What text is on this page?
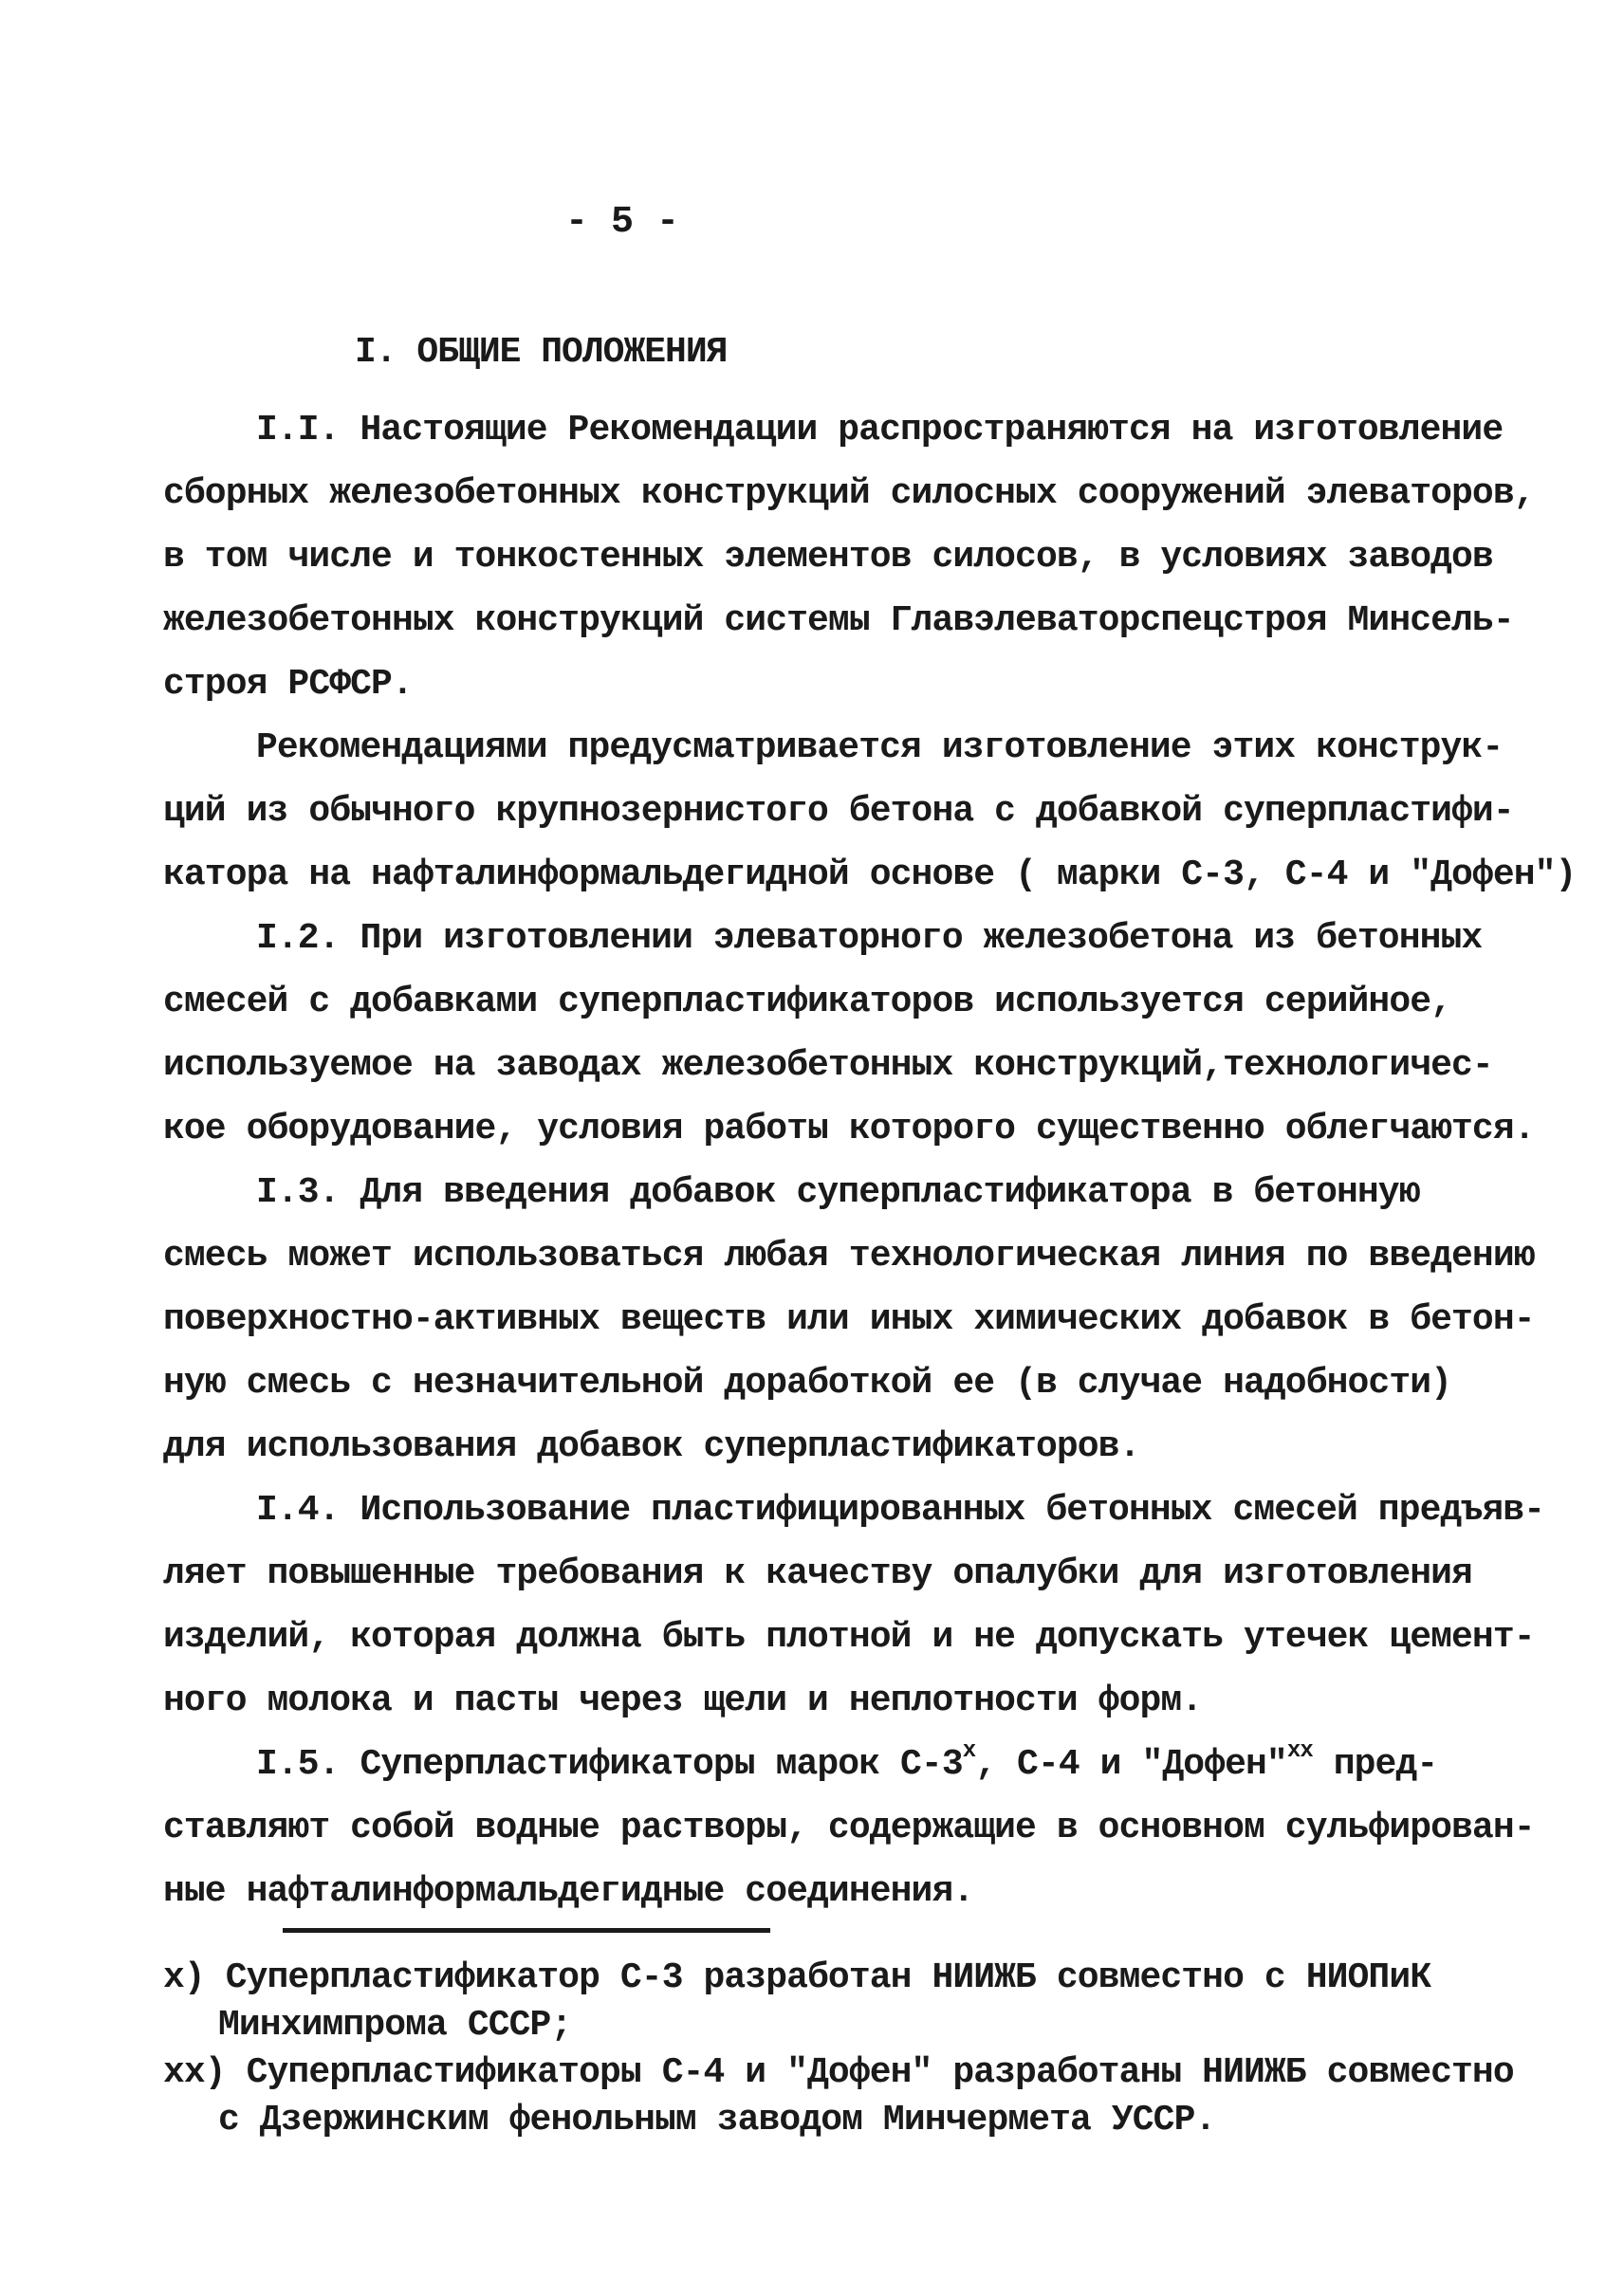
- 5 -
I. ОБЩИЕ ПОЛОЖЕНИЯ
I.I. Настоящие Рекомендации распространяются на изготовление
сборных железобетонных конструкций силосных сооружений элеваторов,
в том числе и тонкостенных элементов силосов, в условиях заводов
железобетонных конструкций системы Главэлеваторспецстроя Минсель-
строя РСФСР.
Рекомендациями предусматривается изготовление этих конструк-
ций из обычного крупнозернистого бетона с добавкой суперпластифи-
катора на нафталинформальдегидной основе ( марки С-3, С-4 и "Дофен")
I.2. При изготовлении элеваторного железобетона из бетонных
смесей с добавками суперпластификаторов используется серийное,
используемое на заводах железобетонных конструкций,технологичес-
кое оборудование, условия работы которого существенно облегчаются.
I.3. Для введения добавок суперпластификатора в бетонную
смесь может использоваться любая технологическая линия по введению
поверхностно-активных веществ или иных химических добавок в бетон-
ную смесь с незначительной доработкой ее (в случае надобности)
для использования добавок суперпластификаторов.
I.4. Использование пластифицированных бетонных смесей предъяв-
ляет повышенные требования к качеству опалубки для изготовления
изделий, которая должна быть плотной и не допускать утечек цемент-
ного молока и пасты через щели и неплотности форм.
I.5. Суперпластификаторы марок С-3$^x$, С-4 и "Дофен"$^{xx}$ пред-
ставляют собой водные растворы, содержащие в основном сульфирован-
ные нафталинформальдегидные соединения.
x) Суперпластификатор С-3 разработан НИИЖБ совместно с НИОПиК
Минхимпрома СССР;
xx) Суперпластификаторы С-4 и "Дофен" разработаны НИИЖБ совместно
с Дзержинским фенольным заводом Минчермета УССР.
